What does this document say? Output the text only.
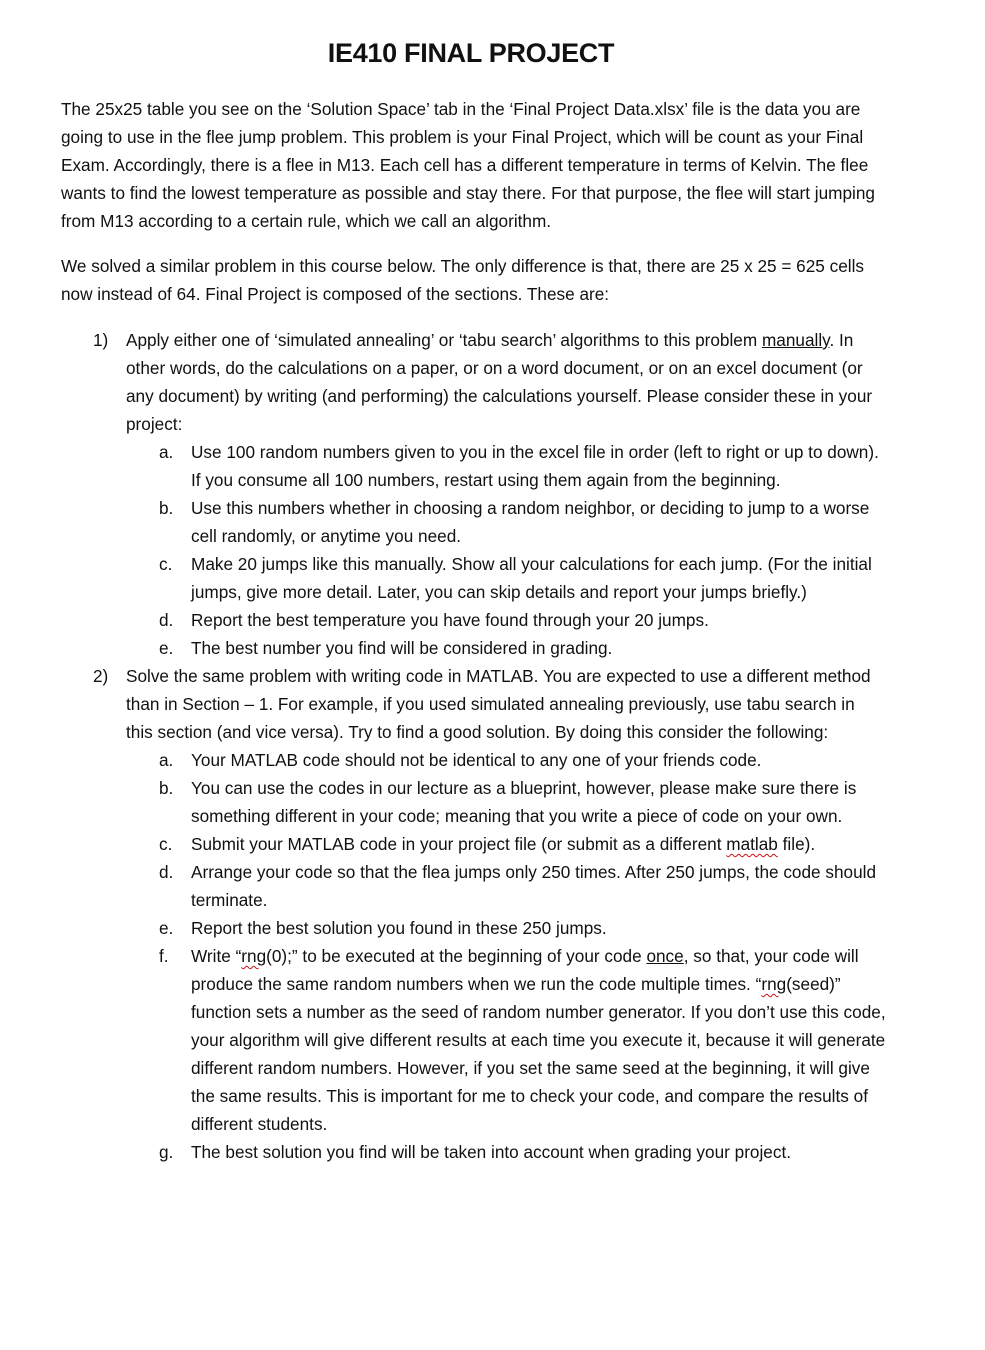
IE410 FINAL PROJECT

The 25x25 table you see on the ‘Solution Space’ tab in the ‘Final Project Data.xlsx’ file is the data you are going to use in the flee jump problem. This problem is your Final Project, which will be count as your Final Exam. Accordingly, there is a flee in M13. Each cell has a different temperature in terms of Kelvin. The flee wants to find the lowest temperature as possible and stay there. For that purpose, the flee will start jumping from M13 according to a certain rule, which we call an algorithm.

We solved a similar problem in this course below. The only difference is that, there are 25 x 25 = 625 cells now instead of 64. Final Project is composed of the sections. These are:

1) Apply either one of ‘simulated annealing’ or ‘tabu search’ algorithms to this problem manually. In other words, do the calculations on a paper, or on a word document, or on an excel document (or any document) by writing (and performing) the calculations yourself. Please consider these in your project:
a. Use 100 random numbers given to you in the excel file in order (left to right or up to down). If you consume all 100 numbers, restart using them again from the beginning.
b. Use this numbers whether in choosing a random neighbor, or deciding to jump to a worse cell randomly, or anytime you need.
c. Make 20 jumps like this manually. Show all your calculations for each jump. (For the initial jumps, give more detail. Later, you can skip details and report your jumps briefly.)
d. Report the best temperature you have found through your 20 jumps.
e. The best number you find will be considered in grading.
2) Solve the same problem with writing code in MATLAB. You are expected to use a different method than in Section – 1. For example, if you used simulated annealing previously, use tabu search in this section (and vice versa). Try to find a good solution. By doing this consider the following:
a. Your MATLAB code should not be identical to any one of your friends code.
b. You can use the codes in our lecture as a blueprint, however, please make sure there is something different in your code; meaning that you write a piece of code on your own.
c. Submit your MATLAB code in your project file (or submit as a different matlab file).
d. Arrange your code so that the flea jumps only 250 times. After 250 jumps, the code should terminate.
e. Report the best solution you found in these 250 jumps.
f. Write “rng(0);” to be executed at the beginning of your code once, so that, your code will produce the same random numbers when we run the code multiple times. “rng(seed)” function sets a number as the seed of random number generator. If you don’t use this code, your algorithm will give different results at each time you execute it, because it will generate different random numbers. However, if you set the same seed at the beginning, it will give the same results. This is important for me to check your code, and compare the results of different students.
g. The best solution you find will be taken into account when grading your project.
